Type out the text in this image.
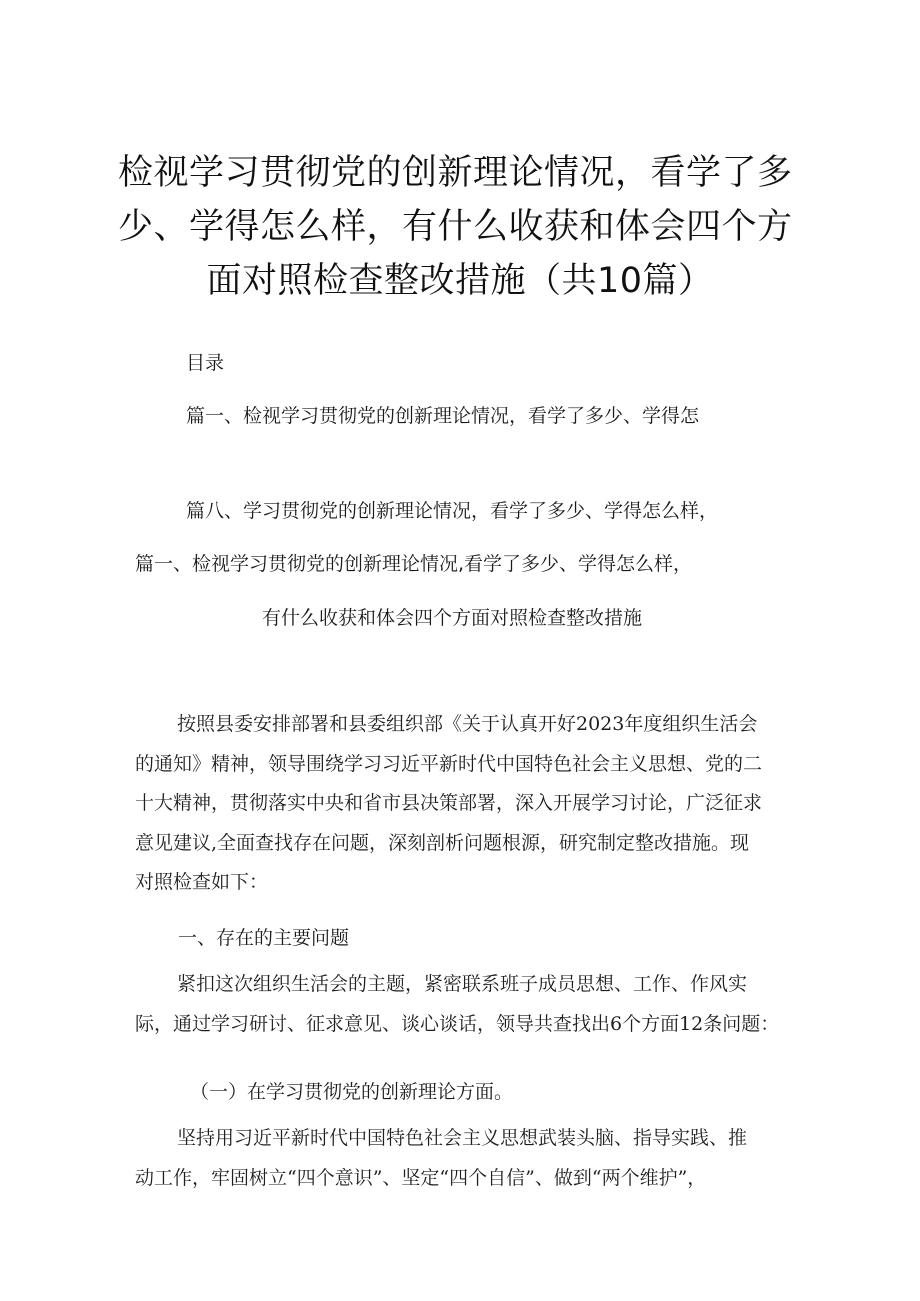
检视学习贯彻党的创新理论情况，看学了多
少、学得怎么样，有什么收获和体会四个方
面对照检查整改措施（共10篇）
目录
篇一、检视学习贯彻党的创新理论情况，看学了多少、学得怎
篇八、学习贯彻党的创新理论情况，看学了多少、学得怎么样，
篇一、检视学习贯彻党的创新理论情况,看学了多少、学得怎么样，
有什么收获和体会四个方面对照检查整改措施
按照县委安排部署和县委组织部《关于认真开好2023年度组织生活会
的通知》精神，领导围绕学习习近平新时代中国特色社会主义思想、党的二
十大精神，贯彻落实中央和省市县决策部署，深入开展学习讨论，广泛征求
意见建议,全面查找存在问题，深刻剖析问题根源，研究制定整改措施。现
对照检查如下：
一、存在的主要问题
紧扣这次组织生活会的主题，紧密联系班子成员思想、工作、作风实
际，通过学习研讨、征求意见、谈心谈话，领导共查找出6个方面12条问题：
（一）在学习贯彻党的创新理论方面。
坚持用习近平新时代中国特色社会主义思想武装头脑、指导实践、推
动工作，牢固树立“四个意识”、坚定“四个自信”、做到“两个维护”，
